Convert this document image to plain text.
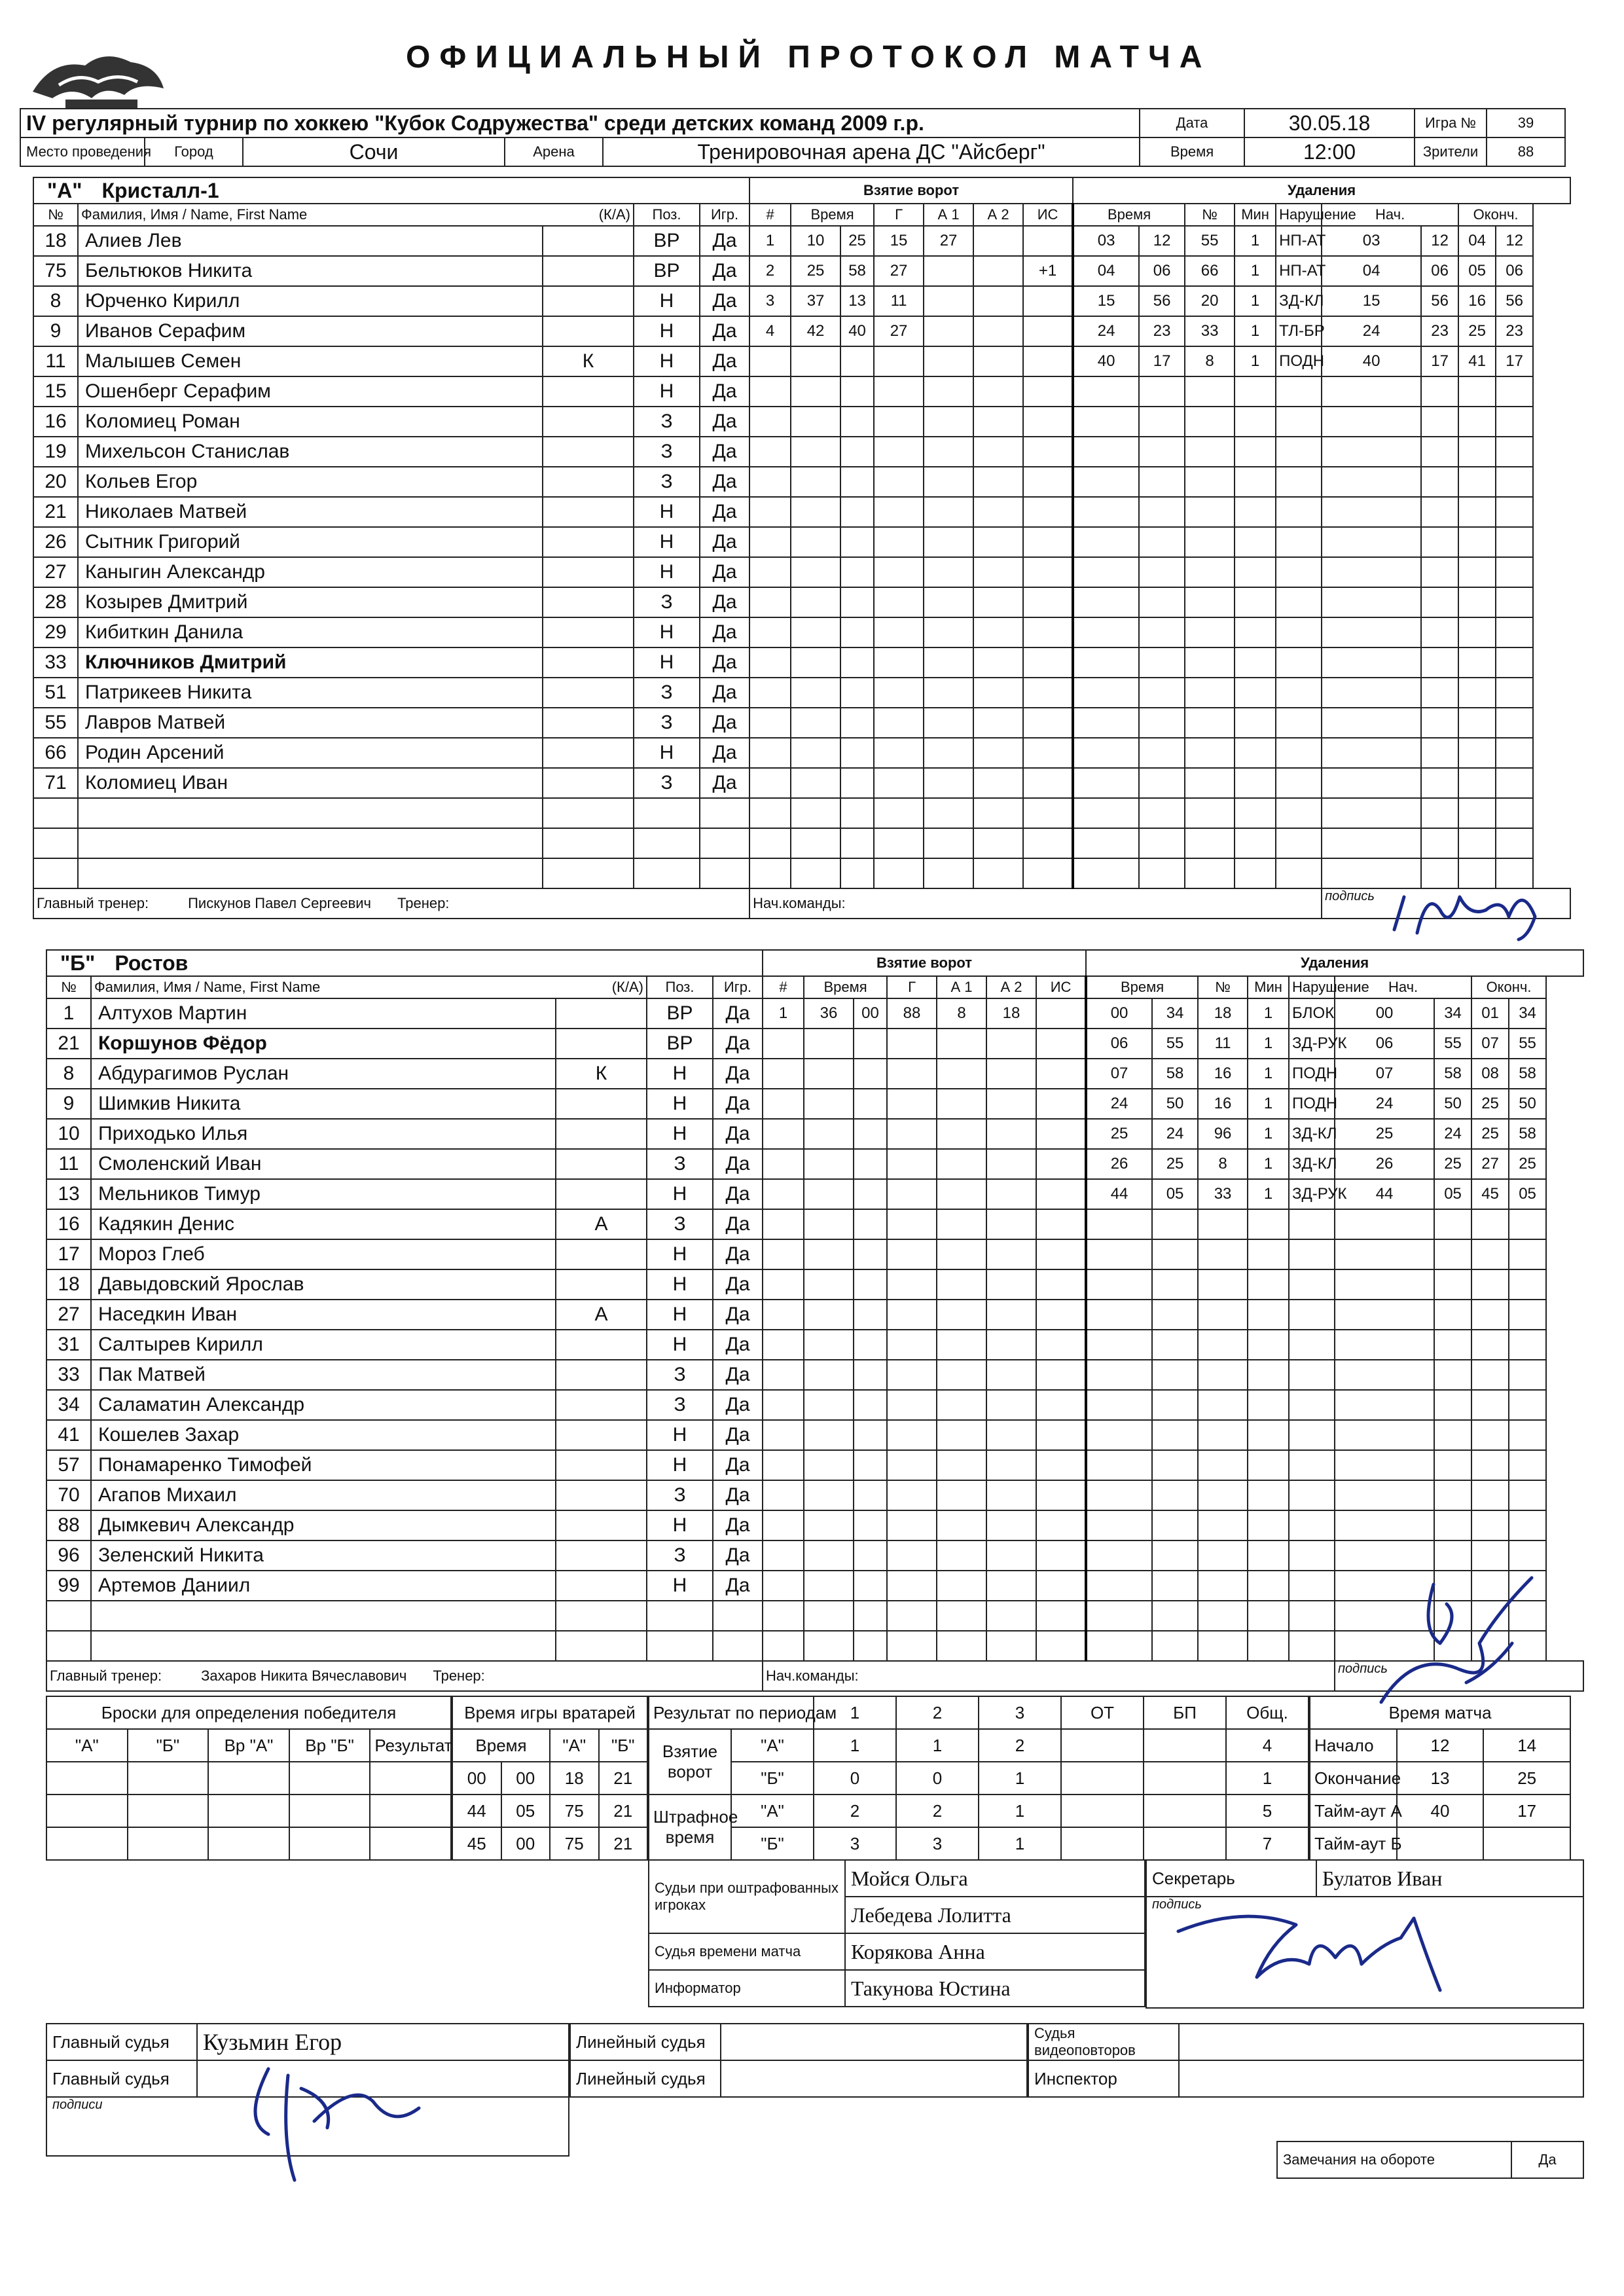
ОФИЦИАЛЬНЫЙ ПРОТОКОЛ МАТЧА
IV регулярный турнир по хоккею "Кубок Содружества" среди детских команд 2009 г.р.					Дата	30.05.18	Игра №	39
Место проведения	Город	Сочи	Арена	Тренировочная арена ДС "Айсберг"	Время	12:00	Зрители	88
"А" Кристалл-1					Взятие ворот							Удаления								
№	Фамилия, Имя / Name, First Name (К/А)		Поз.	Игр.	#	Время		Г	А 1	А 2	ИС	Время		№	Мин	Нарушение	Нач.		Оконч.	
18	Алиев Лев		ВР	Да	1	10	25	15	27			03	12	55	1	НП-АТ	03	12	04	12
75	Бельтюков Никита		ВР	Да	2	25	58	27			+1	04	06	66	1	НП-АТ	04	06	05	06
8	Юрченко Кирилл		Н	Да	3	37	13	11				15	56	20	1	ЗД-КЛ	15	56	16	56
9	Иванов Серафим		Н	Да	4	42	40	27				24	23	33	1	ТЛ-БР	24	23	25	23
11	Малышев Семен	К	Н	Да								40	17	8	1	ПОДН	40	17	41	17
15	Ошенберг Серафим		Н	Да																
16	Коломиец Роман		З	Да																
19	Михельсон Станислав		З	Да																
20	Кольев Егор		З	Да																
21	Николаев Матвей		Н	Да																
26	Сытник Григорий		Н	Да																
27	Каныгин Александр		Н	Да																
28	Козырев Дмитрий		З	Да																
29	Кибиткин Данила		Н	Да																
33	Ключников Дмитрий		Н	Да																
51	Патрикеев Никита		З	Да																
55	Лавров Матвей		З	Да																
66	Родин Арсений		Н	Да																
71	Коломиец Иван		З	Да																

Главный тренер: Пискунов Павел Сергеевич Тренер:					Нач.команды:												подпись			
"Б" Ростов					Взятие ворот							Удаления								
№	Фамилия, Имя / Name, First Name (К/А)		Поз.	Игр.	#	Время		Г	А 1	А 2	ИС	Время		№	Мин	Нарушение	Нач.		Оконч.	
1	Алтухов Мартин		ВР	Да	1	36	00	88	8	18		00	34	18	1	БЛОК	00	34	01	34
21	Коршунов Фёдор		ВР	Да								06	55	11	1	ЗД-РУК	06	55	07	55
8	Абдурагимов Руслан	К	Н	Да								07	58	16	1	ПОДН	07	58	08	58
9	Шимкив Никита		Н	Да								24	50	16	1	ПОДН	24	50	25	50
10	Приходько Илья		Н	Да								25	24	96	1	ЗД-КЛ	25	24	25	58
11	Смоленский Иван		З	Да								26	25	8	1	ЗД-КЛ	26	25	27	25
13	Мельников Тимур		Н	Да								44	05	33	1	ЗД-РУК	44	05	45	05
16	Кадякин Денис	А	З	Да																
17	Мороз Глеб		Н	Да																
18	Давыдовский Ярослав		Н	Да																
27	Наседкин Иван	А	Н	Да																
31	Салтырев Кирилл		Н	Да																
33	Пак Матвей		З	Да																
34	Саламатин Александр		З	Да																
41	Кошелев Захар		Н	Да																
57	Понамаренко Тимофей		Н	Да																
70	Агапов Михаил		З	Да																
88	Дымкевич Александр		Н	Да																
96	Зеленский Никита		З	Да																
99	Артемов Даниил		Н	Да																

Главный тренер: Захаров Никита Вячеславович Тренер:					Нач.команды:												подпись			
Броски для определения победителя				
"А"	"Б"	Вр "А"	Вр "Б"	Результат

Время игры вратарей			
Время		"А"	"Б"
00	00	18	21
44	05	75	21
45	00	75	21
Результат по периодам		1	2	3	ОТ	БП	Общ.
Взятие ворот	"А"	1	1	2			4
	"Б"	0	0	1			1
Штрафное время	"А"	2	2	1			5
	"Б"	3	3	1			7
Время матча		
Начало	12	14
Окончание	13	25
Тайм-аут А	40	17
Тайм-аут Б		
Судьи при оштрафованных игроках	Мойся Ольга
	Лебедева Лолитта
Судья времени матча	Корякова Анна
Информатор	Такунова Юстина
Секретарь	Булатов Иван
подпись
Главный судья	Кузьмин Егор
Главный судья	
подписи	
Линейный судья	
Линейный судья	
Судья видеоповторов	
Инспектор	
Замечания на обороте	Да
